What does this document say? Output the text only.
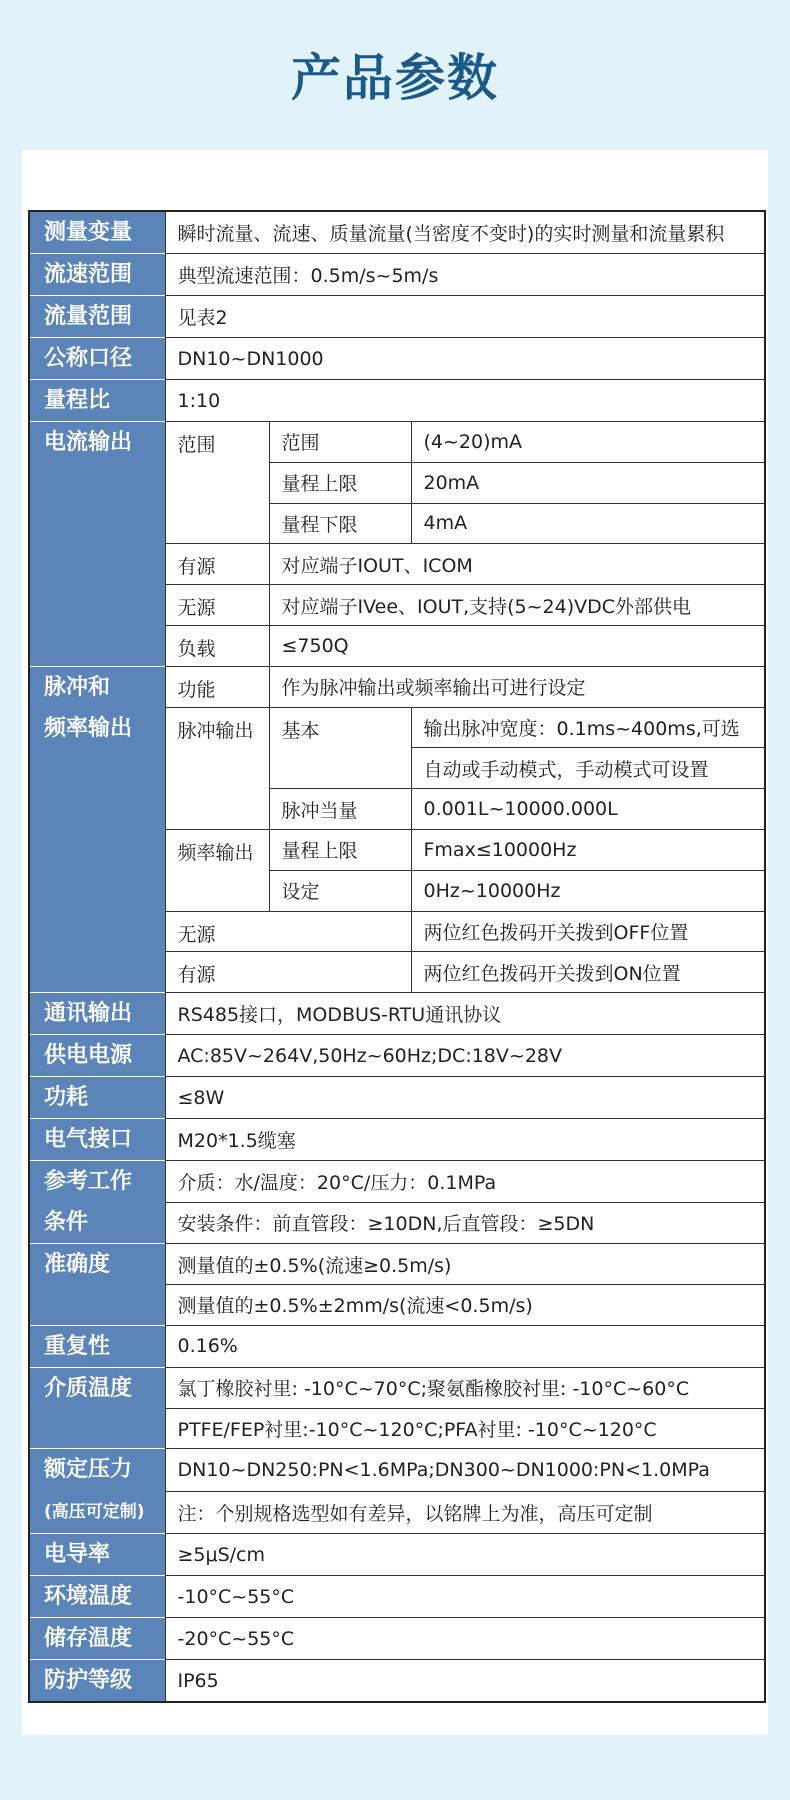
产品参数
测量变量	瞬时流量、流速、质量流量(当密度不变时)的实时测量和流量累积		
流速范围	典型流速范围：0.5m/s~5m/s		
流量范围	见表2		
公称口径	DN10~DN1000		
量程比	1:10		
电流输出	范围	范围	(4~20)mA
		量程上限	20mA
		量程下限	4mA
	有源	对应端子IOUT、ICOM	
	无源	对应端子IVee、IOUT,支持(5~24)VDC外部供电	
	负载	≤750Q	
脉冲和
频率输出	功能	作为脉冲输出或频率输出可进行设定	
	脉冲输出	基本	输出脉冲宽度：0.1ms~400ms,可选
			自动或手动模式，手动模式可设置
		脉冲当量	0.001L~10000.000L
	频率输出	量程上限	Fmax≤10000Hz
		设定	0Hz~10000Hz
	无源		两位红色拨码开关拨到OFF位置
	有源		两位红色拨码开关拨到ON位置
通讯输出	RS485接口，MODBUS-RTU通讯协议		
供电电源	AC:85V~264V,50Hz~60Hz;DC:18V~28V		
功耗	≤8W		
电气接口	M20*1.5缆塞		
参考工作
条件	介质：水/温度：20°C/压力：0.1MPa		
	安装条件：前直管段：≥10DN,后直管段：≥5DN		
准确度	测量值的±0.5%(流速≥0.5m/s)		
	测量值的±0.5%±2mm/s(流速<0.5m/s)		
重复性	0.16%		
介质温度	氯丁橡胶衬里: -10°C~70°C;聚氨酯橡胶衬里: -10°C~60°C		
	PTFE/FEP衬里:-10°C~120°C;PFA衬里: -10°C~120°C		
额定压力
(高压可定制)	DN10~DN250:PN<1.6MPa;DN300~DN1000:PN<1.0MPa		
	注：个别规格选型如有差异，以铭牌上为准，高压可定制		
电导率	≥5μS/cm		
环境温度	-10°C~55°C		
储存温度	-20°C~55°C		
防护等级	IP65		
